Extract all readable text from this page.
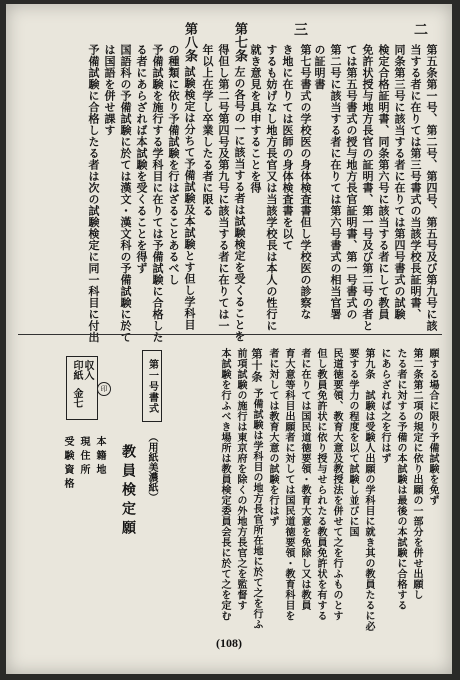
二
第五条第一号、第二号、第四号、第五号及び第九号に該
当する者に在りては第三号書式の当該学校長証明書、
同条第三号に該当する者に在りては第四号書式の試験
検定合格証明書、同条第六号に該当する者にして教員
免許状授与地方長官の証明書、第一号及び第二号の者と
ては第五号書式の授与地方長官証明書、第一号書式の
第二号に該当する者に在りては第六号書式の相当官署
の証明書
三
第七号書式の学校医の身体検査書但し学校医の診察な
き地に在りては医師の身体検査書を以て
するも妨げなし地方長官又は当該学校長は本人の性行に
就き意見を具申することを得
第七条
左の各号の一に該当する者は試験検定を受くることを
得但し第二号第四号及第九号に該当する者に在りては一
年以上在学し卒業したる者に限る
第八条
試験検定は分ちて予備試験及本試験とす但し学科目
の種類に依り予備試験を行はざることあるべし
予備試験を施行する学科目に在りては予備試験に合格した
る者にあらざれば本試験を受くることを得ず
国語科の予備試験に於ては漢文・漢文科の予備試験に於て
は国語を併せ課す
予備試験に合格したる者は次の試験検定に同一科目に付出
願する場合に限り予備試験を免ず
第二条第二項の規定に依り出願の一部分を併せ出願し
たる者に対する予備の本試験は最後の本試験に合格する
にあらざれば之を行はず
第九条　試験は受験人出願の学科目に就き其の教員たるに必
要する学力の程度を以て試験し並びに国
民道徳要領、教育大意及教授法を併せて之を行ふものとす
但し教員免許状に依り授与せられたる教員免許状を有する
者に在りては国民道徳要領・教育大意を免除し又は教員
育大意等科目出願者に対しては国民道徳要領・教育科目を
者に対しては教育大意の試験を行はず
第十条
予備試験は学科目の地方長官所在地に於て之を行ふ
前項試験の施行は東京府を除くの外地方長官之を監督す
本試験を行ふべき場所は教員検定委員会長に於て之を定む
第一号書式
収入
印紙
金七	印
（用紙美濃紙）
教員検定願
本籍地
現住所
受験資格
(108)
